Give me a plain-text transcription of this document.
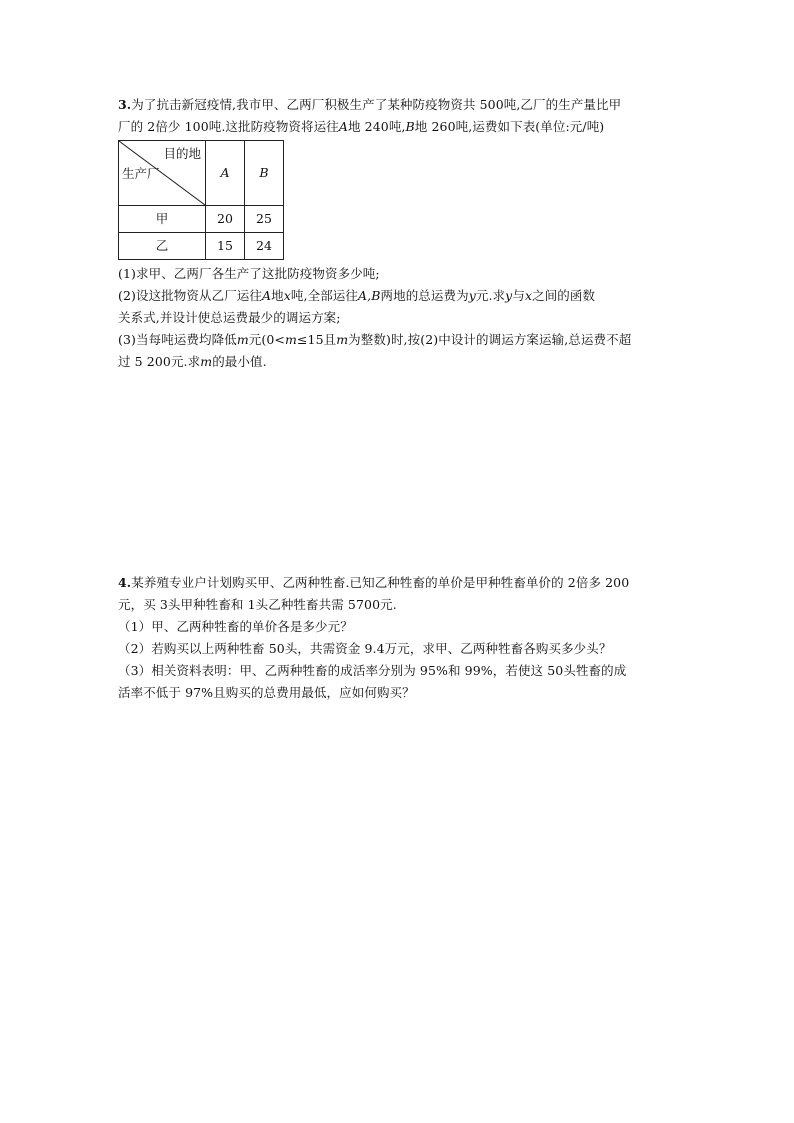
3.为了抗击新冠疫情,我市甲、乙两厂积极生产了某种防疫物资共 500吨,乙厂的生产量比甲
厂的 2倍少 100吨.这批防疫物资将运往A地 240吨,B地 260吨,运费如下表(单位:元/吨)
目的地
生产厂	A	B
甲	20	25
乙	15	24
(1)求甲、乙两厂各生产了这批防疫物资多少吨;
(2)设这批物资从乙厂运往A地x吨,全部运往A,B两地的总运费为y元.求y与x之间的函数
关系式,并设计使总运费最少的调运方案;
(3)当每吨运费均降低m元(0<m≤15且m为整数)时,按(2)中设计的调运方案运输,总运费不超
过 5 200元.求m的最小值.
4.某养殖专业户计划购买甲、乙两种牲畜.已知乙种牲畜的单价是甲种牲畜单价的 2倍多 200
元，买 3头甲种牲畜和 1头乙种牲畜共需 5700元.
（1）甲、乙两种牲畜的单价各是多少元？
（2）若购买以上两种牲畜 50头，共需资金 9.4万元，求甲、乙两种牲畜各购买多少头？
（3）相关资料表明：甲、乙两种牲畜的成活率分别为 95%和 99%，若使这 50头牲畜的成
活率不低于 97%且购买的总费用最低，应如何购买？
